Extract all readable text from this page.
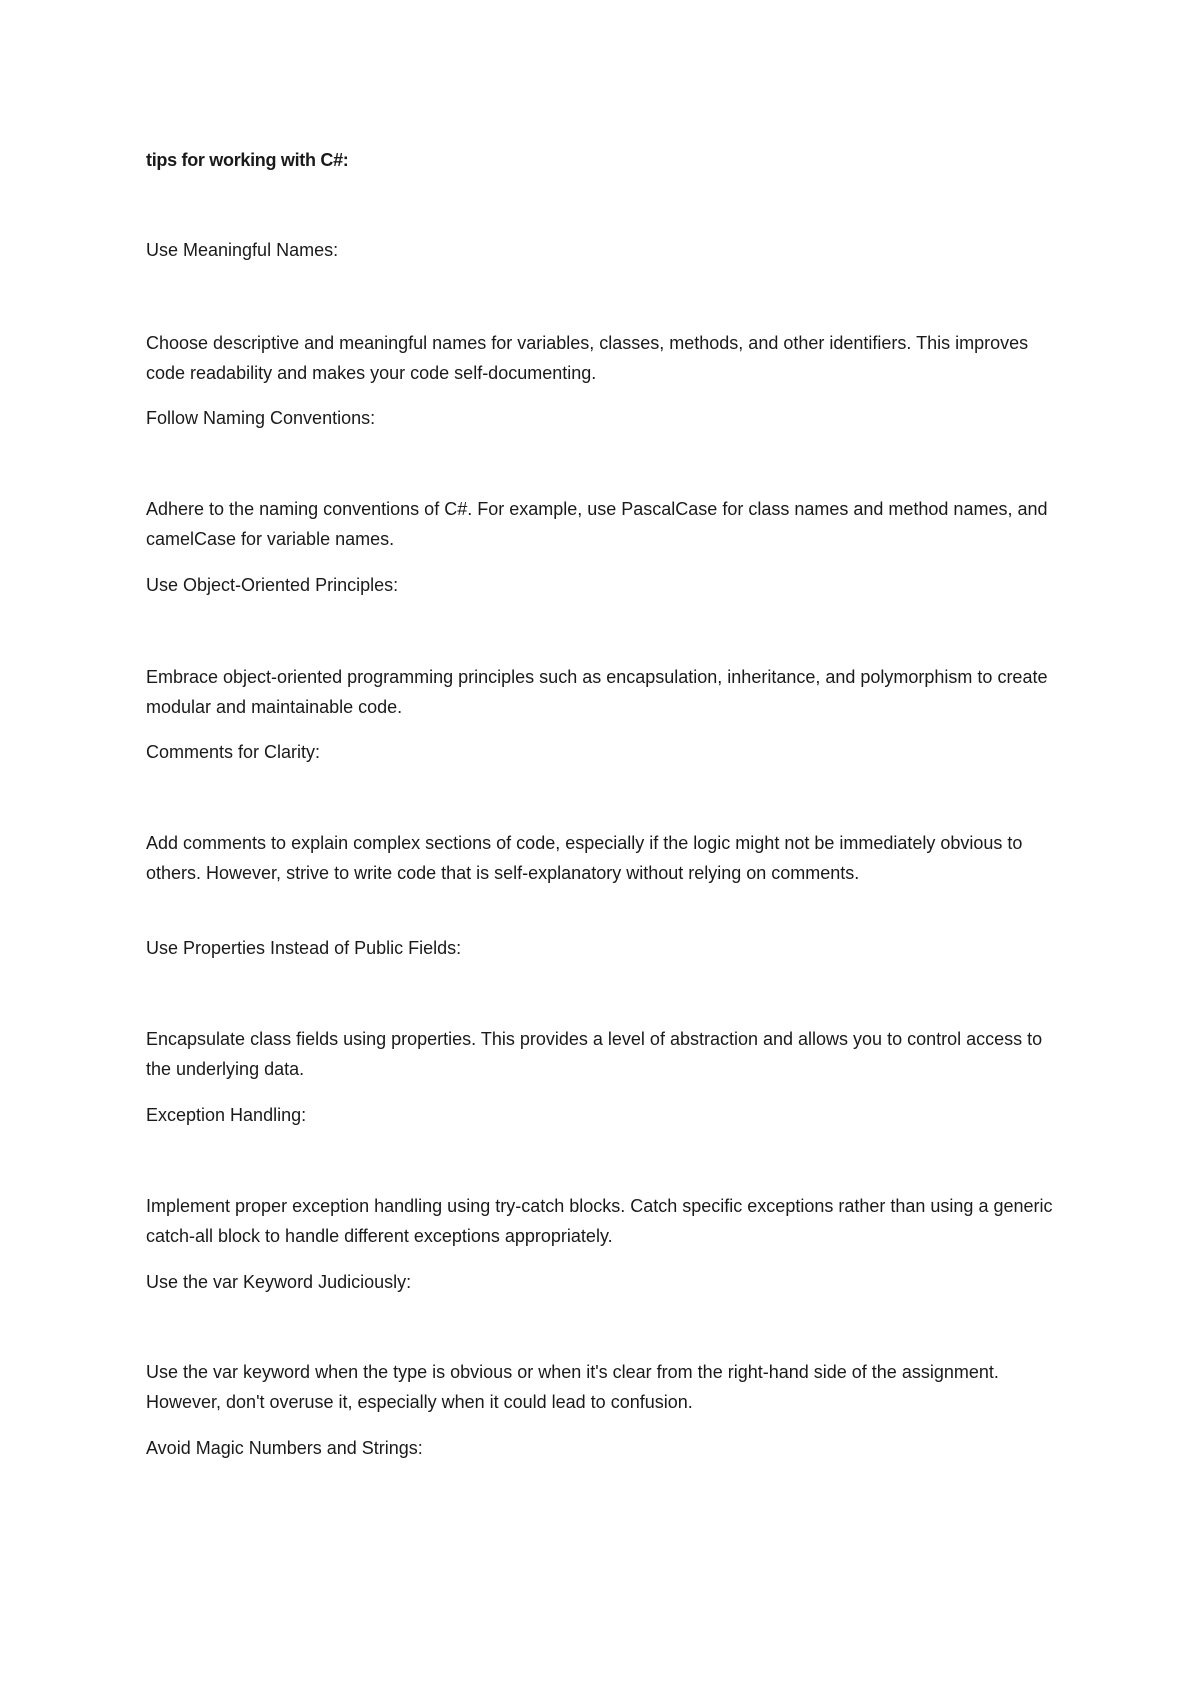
tips for working with C#:

Use Meaningful Names:

Choose descriptive and meaningful names for variables, classes, methods, and other identifiers. This improves code readability and makes your code self-documenting.

Follow Naming Conventions:

Adhere to the naming conventions of C#. For example, use PascalCase for class names and method names, and camelCase for variable names.

Use Object-Oriented Principles:

Embrace object-oriented programming principles such as encapsulation, inheritance, and polymorphism to create modular and maintainable code.

Comments for Clarity:

Add comments to explain complex sections of code, especially if the logic might not be immediately obvious to others. However, strive to write code that is self-explanatory without relying on comments.

Use Properties Instead of Public Fields:

Encapsulate class fields using properties. This provides a level of abstraction and allows you to control access to the underlying data.

Exception Handling:

Implement proper exception handling using try-catch blocks. Catch specific exceptions rather than using a generic catch-all block to handle different exceptions appropriately.

Use the var Keyword Judiciously:

Use the var keyword when the type is obvious or when it's clear from the right-hand side of the assignment. However, don't overuse it, especially when it could lead to confusion.

Avoid Magic Numbers and Strings:
